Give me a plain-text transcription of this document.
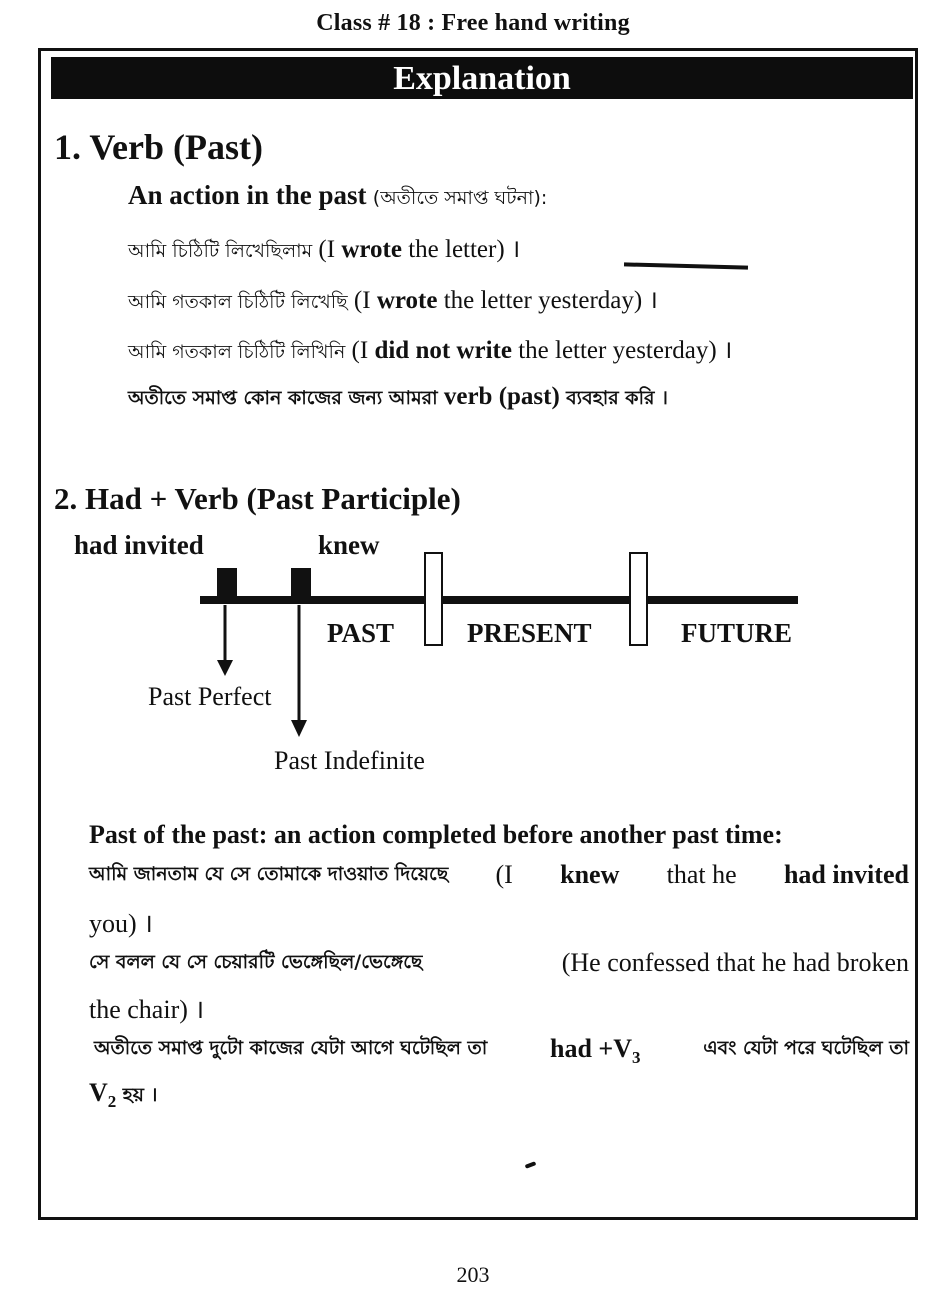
Class # 18 : Free hand writing
Explanation
1. Verb (Past)
An action in the past (অতীতে সমাপ্ত ঘটনা):
আমি চিঠিটি লিখেছিলাম (I wrote the letter) ।
আমি গতকাল চিঠিটি লিখেছি (I wrote the letter yesterday) ।
আমি গতকাল চিঠিটি লিখিনি (I did not write the letter yesterday) ।
অতীতে সমাপ্ত কোন কাজের জন্য আমরা verb (past) ব্যবহার করি ।
2. Had + Verb (Past Participle)
had invited	knew
PAST	PRESENT	FUTURE
Past Perfect
Past Indefinite
Past of the past: an action completed before another past time:
আমি জানতাম যে সে তোমাকে দাওয়াত দিয়েছে (I knew that he had invited
you) ।
সে বলল যে সে চেয়ারটি ভেঙ্গেছিল/ভেঙ্গেছে	(He confessed that he had broken
the chair) ।
অতীতে সমাপ্ত দুটো কাজের যেটা আগে ঘটেছিল তা had $+V_3$	এবং যেটা পরে ঘটেছিল তা
$V_2$ হয় ।
203
